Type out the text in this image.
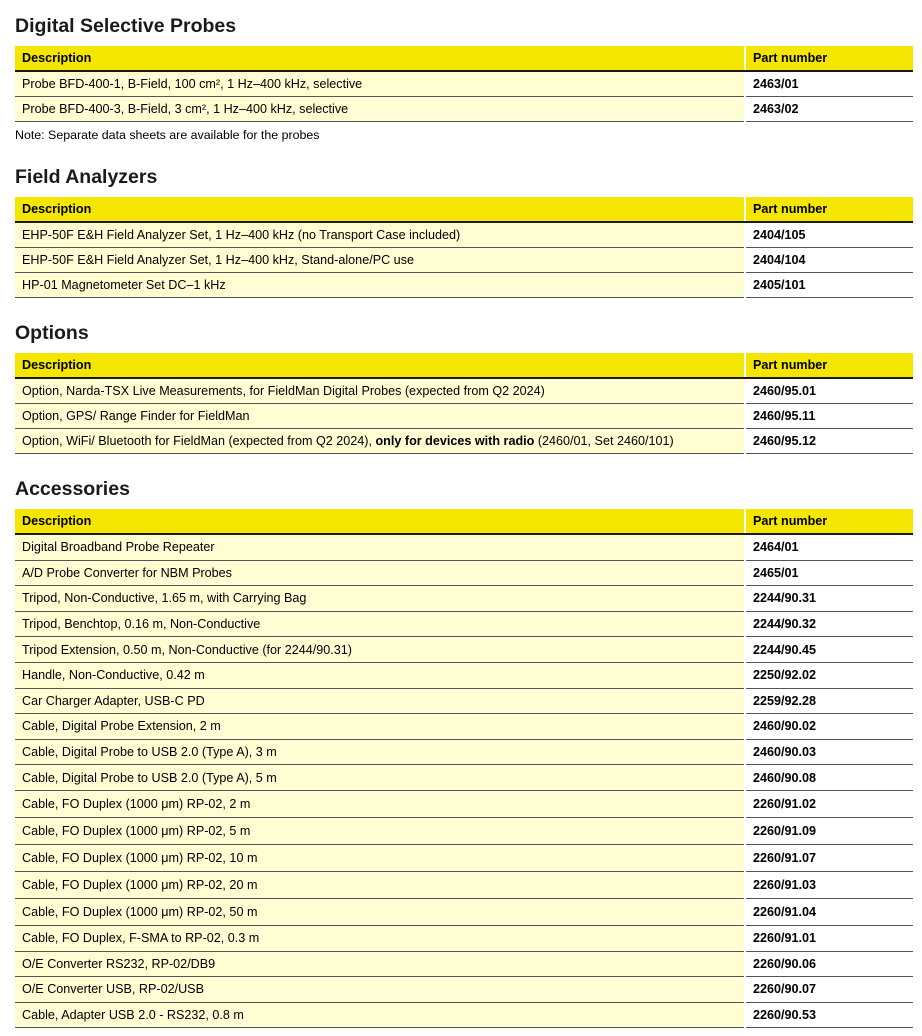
Digital Selective Probes
Description	Part number
Probe BFD-400-1, B-Field, 100 cm², 1 Hz–400 kHz, selective	2463/01
Probe BFD-400-3, B-Field, 3 cm², 1 Hz–400 kHz, selective	2463/02
Note: Separate data sheets are available for the probes
Field Analyzers
Description	Part number
EHP-50F E&H Field Analyzer Set, 1 Hz–400 kHz (no Transport Case included)	2404/105
EHP-50F E&H Field Analyzer Set, 1 Hz–400 kHz, Stand-alone/PC use	2404/104
HP-01 Magnetometer Set DC–1 kHz	2405/101
Options
Description	Part number
Option, Narda-TSX Live Measurements, for FieldMan Digital Probes (expected from Q2 2024)	2460/95.01
Option, GPS/ Range Finder for FieldMan	2460/95.11
Option, WiFi/ Bluetooth for FieldMan (expected from Q2 2024), only for devices with radio (2460/01, Set 2460/101)	2460/95.12
Accessories
Description	Part number
Digital Broadband Probe Repeater	2464/01
A/D Probe Converter for NBM Probes	2465/01
Tripod, Non-Conductive, 1.65 m, with Carrying Bag	2244/90.31
Tripod, Benchtop, 0.16 m, Non-Conductive	2244/90.32
Tripod Extension, 0.50 m, Non-Conductive (for 2244/90.31)	2244/90.45
Handle, Non-Conductive, 0.42 m	2250/92.02
Car Charger Adapter, USB-C PD	2259/92.28
Cable, Digital Probe Extension, 2 m	2460/90.02
Cable, Digital Probe to USB 2.0 (Type A), 3 m	2460/90.03
Cable, Digital Probe to USB 2.0 (Type A), 5 m	2460/90.08
Cable, FO Duplex (1000 μm) RP-02, 2 m	2260/91.02
Cable, FO Duplex (1000 μm) RP-02, 5 m	2260/91.09
Cable, FO Duplex (1000 μm) RP-02, 10 m	2260/91.07
Cable, FO Duplex (1000 μm) RP-02, 20 m	2260/91.03
Cable, FO Duplex (1000 μm) RP-02, 50 m	2260/91.04
Cable, FO Duplex, F-SMA to RP-02, 0.3 m	2260/91.01
O/E Converter RS232, RP-02/DB9	2260/90.06
O/E Converter USB, RP-02/USB	2260/90.07
Cable, Adapter USB 2.0 - RS232, 0.8 m	2260/90.53
